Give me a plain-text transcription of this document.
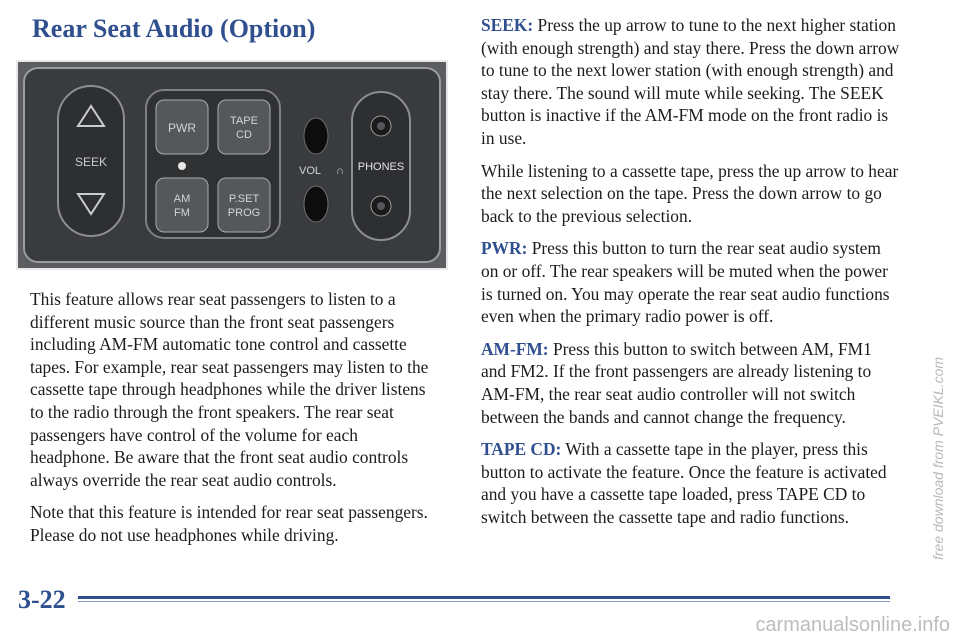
Rear Seat Audio (Option)
SEEK
PWR	TAPE
CD
AM
FM
P.SET
PROG
VOL ∩ PHONES

This feature allows rear seat passengers to listen to a different music source than the front seat passengers including AM-FM automatic tone control and cassette tapes. For example, rear seat passengers may listen to the cassette tape through headphones while the driver listens to the radio through the front speakers. The rear seat passengers have control of the volume for each headphone. Be aware that the front seat audio controls always override the rear seat audio controls.

Note that this feature is intended for rear seat passengers. Please do not use headphones while driving.

SEEK: Press the up arrow to tune to the next higher station (with enough strength) and stay there. Press the down arrow to tune to the next lower station (with enough strength) and stay there. The sound will mute while seeking. The SEEK button is inactive if the AM-FM mode on the front radio is in use.

While listening to a cassette tape, press the up arrow to hear the next selection on the tape. Press the down arrow to go back to the previous selection.

PWR: Press this button to turn the rear seat audio system on or off. The rear speakers will be muted when the power is turned on. You may operate the rear seat audio functions even when the primary radio power is off.

AM-FM: Press this button to switch between AM, FM1 and FM2. If the front passengers are already listening to AM-FM, the rear seat audio controller will not switch between the bands and cannot change the frequency.

TAPE CD: With a cassette tape in the player, press this button to activate the feature. Once the feature is activated and you have a cassette tape loaded, press TAPE CD to switch between the cassette tape and radio functions.

3-22
free download from PVEIKL.com
carmanualsonline.info
